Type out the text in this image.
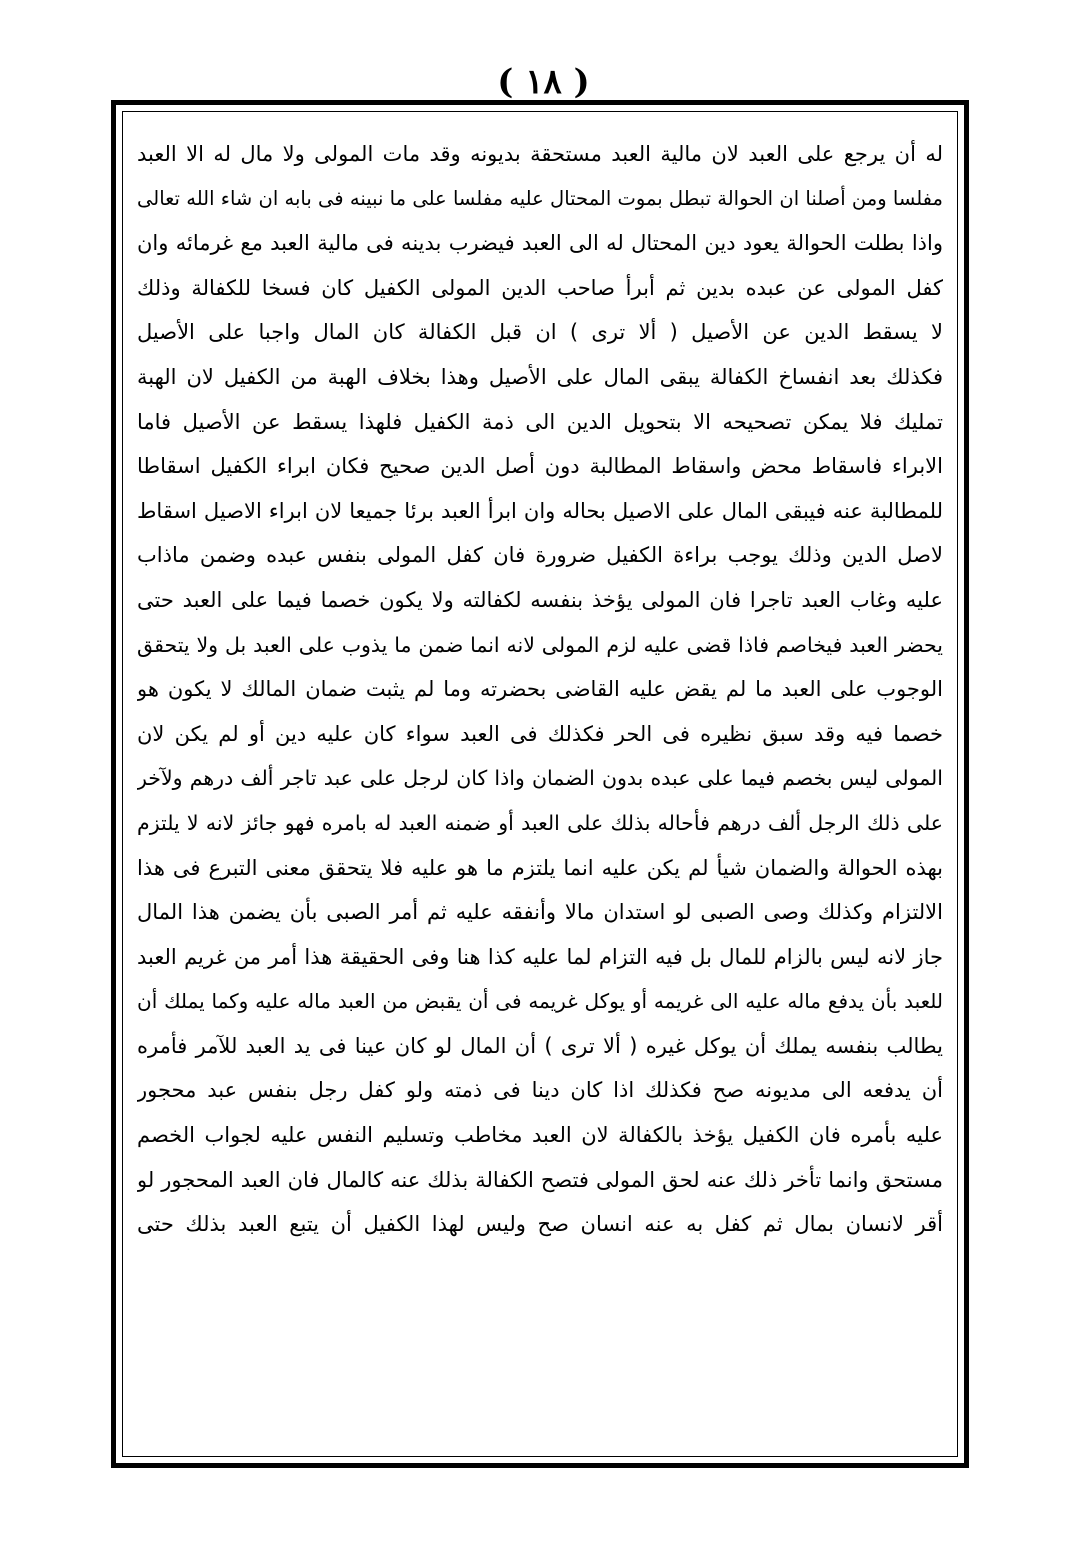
( ١٨ )
له أن يرجع على العبد لان مالية العبد مستحقة بديونه وقد مات المولى ولا مال له الا العبد
مفلسا ومن أصلنا ان الحوالة تبطل بموت المحتال عليه مفلسا على ما نبينه فى بابه ان شاء الله تعالى
واذا بطلت الحوالة يعود دين المحتال له الى العبد فيضرب بدينه فى مالية العبد مع غرمائه وان
كفل المولى عن عبده بدين ثم أبرأ صاحب الدين المولى الكفيل كان فسخا للكفالة وذلك
لا يسقط الدين عن الأصيل ( ألا ترى ) ان قبل الكفالة كان المال واجبا على الأصيل
فكذلك بعد انفساخ الكفالة يبقى المال على الأصيل وهذا بخلاف الهبة من الكفيل لان الهبة
تمليك فلا يمكن تصحيحه الا بتحويل الدين الى ذمة الكفيل فلهذا يسقط عن الأصيل فاما
الابراء فاسقاط محض واسقاط المطالبة دون أصل الدين صحيح فكان ابراء الكفيل اسقاطا
للمطالبة عنه فيبقى المال على الاصيل بحاله وان ابرأ العبد برئا جميعا لان ابراء الاصيل اسقاط
لاصل الدين وذلك يوجب براءة الكفيل ضرورة فان كفل المولى بنفس عبده وضمن ماذاب
عليه وغاب العبد تاجرا فان المولى يؤخذ بنفسه لكفالته ولا يكون خصما فيما على العبد حتى
يحضر العبد فيخاصم فاذا قضى عليه لزم المولى لانه انما ضمن ما يذوب على العبد بل ولا يتحقق
الوجوب على العبد ما لم يقض عليه القاضى بحضرته وما لم يثبت ضمان المالك لا يكون هو
خصما فيه وقد سبق نظيره فى الحر فكذلك فى العبد سواء كان عليه دين أو لم يكن لان
المولى ليس بخصم فيما على عبده بدون الضمان واذا كان لرجل على عبد تاجر ألف درهم ولآخر
على ذلك الرجل ألف درهم فأحاله بذلك على العبد أو ضمنه العبد له بامره فهو جائز لانه لا يلتزم
بهذه الحوالة والضمان شيأ لم يكن عليه انما يلتزم ما هو عليه فلا يتحقق معنى التبرع فى هذا
الالتزام وكذلك وصى الصبى لو استدان مالا وأنفقه عليه ثم أمر الصبى بأن يضمن هذا المال
جاز لانه ليس بالزام للمال بل فيه التزام لما عليه كذا هنا وفى الحقيقة هذا أمر من غريم العبد
للعبد بأن يدفع ماله عليه الى غريمه أو يوكل غريمه فى أن يقبض من العبد ماله عليه وكما يملك أن
يطالب بنفسه يملك أن يوكل غيره ( ألا ترى ) أن المال لو كان عينا فى يد العبد للآمر فأمره
أن يدفعه الى مديونه صح فكذلك اذا كان دينا فى ذمته ولو كفل رجل بنفس عبد محجور
عليه بأمره فان الكفيل يؤخذ بالكفالة لان العبد مخاطب وتسليم النفس عليه لجواب الخصم
مستحق وانما تأخر ذلك عنه لحق المولى فتصح الكفالة بذلك عنه كالمال فان العبد المحجور لو
أقر لانسان بمال ثم كفل به عنه انسان صح وليس لهذا الكفيل أن يتبع العبد بذلك حتى
